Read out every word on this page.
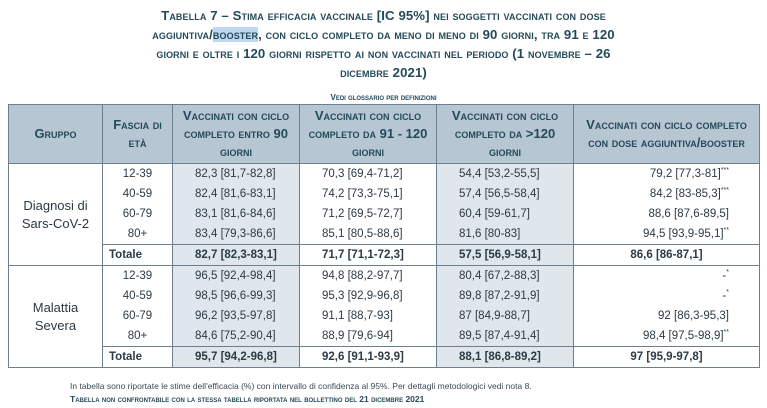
Tabella 7 – Stima efficacia vaccinale [IC 95%] nei soggetti vaccinati con dose
aggiuntiva/booster, con ciclo completo da meno di meno di 90 giorni, tra 91 e 120
giorni e oltre i 120 giorni rispetto ai non vaccinati nel periodo (1 novembre – 26
dicembre 2021)
Vedi glossario per definizioni
Gruppo	Fascia di età	Vaccinati con ciclo completo entro 90 giorni	Vaccinati con ciclo completo da 91 - 120 giorni	Vaccinati con ciclo completo da >120 giorni	Vaccinati con ciclo completo con dose aggiuntiva/booster
Diagnosi di Sars-CoV-2	12-39	82,3 [81,7-82,8]	70,3 [69,4-71,2]	54,4 [53,2-55,5]	79,2 [77,3-81]***
	40-59	82,4 [81,6-83,1]	74,2 [73,3-75,1]	57,4 [56,5-58,4]	84,2 [83-85,3]***
	60-79	83,1 [81,6-84,6]	71,2 [69,5-72,7]	60,4 [59-61,7]	88,6 [87,6-89,5]
	80+	83,4 [79,3-86,6]	85,1 [80,5-88,6]	81,6 [80-83]	94,5 [93,9-95,1]**
	Totale	82,7 [82,3-83,1]	71,7 [71,1-72,3]	57,5 [56,9-58,1]	86,6 [86-87,1]
Malattia Severa	12-39	96,5 [92,4-98,4]	94,8 [88,2-97,7]	80,4 [67,2-88,3]	-*
	40-59	98,5 [96,6-99,3]	95,3 [92,9-96,8]	89,8 [87,2-91,9]	-*
	60-79	96,2 [93,5-97,8]	91,1 [88,7-93]	87 [84,9-88,7]	92 [86,3-95,3]
	80+	84,6 [75,2-90,4]	88,9 [79,6-94]	89,5 [87,4-91,4]	98,4 [97,5-98,9]**
	Totale	95,7 [94,2-96,8]	92,6 [91,1-93,9]	88,1 [86,8-89,2]	97 [95,9-97,8]
In tabella sono riportate le stime dell'efficacia (%) con intervallo di confidenza al 95%. Per dettagli metodologici vedi nota 8.
Tabella non confrontabile con la stessa tabella riportata nel bollettino del 21 dicembre 2021
